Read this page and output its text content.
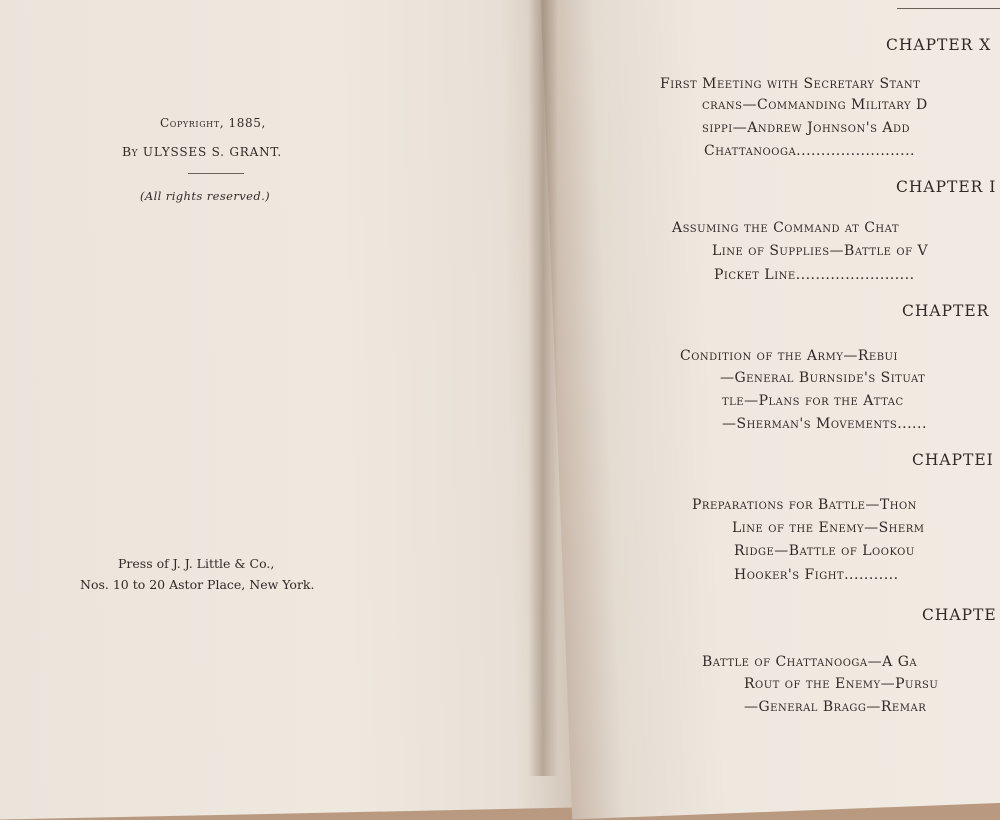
Copyright, 1885,
By ULYSSES S. GRANT.
(All rights reserved.)
Press of J. J. Little & Co.,
Nos. 10 to 20 Astor Place, New York.
CHAPTER X
First Meeting with Secretary Stant
crans—Commanding Military D
sippi—Andrew Johnson's Add
Chattanooga........................
CHAPTER I
Assuming the Command at Chat
Line of Supplies—Battle of V
Picket Line........................
CHAPTER
Condition of the Army—Rebui
—General Burnside's Situat
tle—Plans for the Attac
—Sherman's Movements......
CHAPTEI
Preparations for Battle—Thon
Line of the Enemy—Sherm
Ridge—Battle of Lookou
Hooker's Fight...........
CHAPTE
Battle of Chattanooga—A Ga
Rout of the Enemy—Pursu
—General Bragg—Remar
